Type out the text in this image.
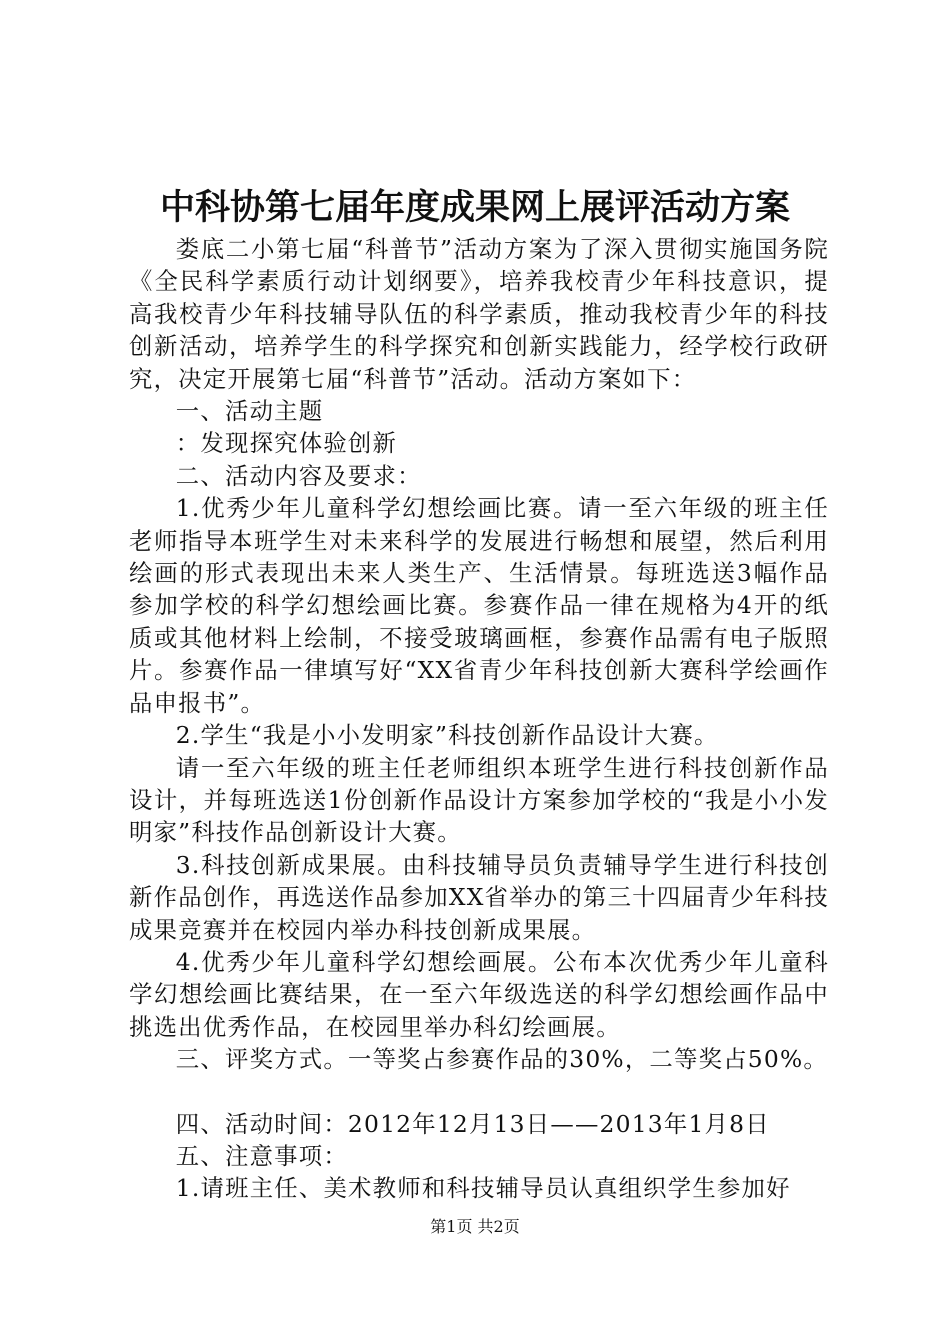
中科协第七届年度成果网上展评活动方案

娄底二小第七届“科普节”活动方案为了深入贯彻实施国务院《全民科学素质行动计划纲要》，培养我校青少年科技意识，提高我校青少年科技辅导队伍的科学素质，推动我校青少年的科技创新活动，培养学生的科学探究和创新实践能力，经学校行政研究，决定开展第七届“科普节”活动。活动方案如下：

一、活动主题

：发现探究体验创新

二、活动内容及要求：

1.优秀少年儿童科学幻想绘画比赛。请一至六年级的班主任老师指导本班学生对未来科学的发展进行畅想和展望，然后利用绘画的形式表现出未来人类生产、生活情景。每班选送3幅作品参加学校的科学幻想绘画比赛。参赛作品一律在规格为4开的纸质或其他材料上绘制，不接受玻璃画框，参赛作品需有电子版照片。参赛作品一律填写好“XX省青少年科技创新大赛科学绘画作品申报书”。

2.学生“我是小小发明家”科技创新作品设计大赛。

请一至六年级的班主任老师组织本班学生进行科技创新作品设计，并每班选送1份创新作品设计方案参加学校的“我是小小发明家”科技作品创新设计大赛。

3.科技创新成果展。由科技辅导员负责辅导学生进行科技创新作品创作，再选送作品参加XX省举办的第三十四届青少年科技成果竞赛并在校园内举办科技创新成果展。

4.优秀少年儿童科学幻想绘画展。公布本次优秀少年儿童科学幻想绘画比赛结果，在一至六年级选送的科学幻想绘画作品中挑选出优秀作品，在校园里举办科幻绘画展。

三、评奖方式。一等奖占参赛作品的30%，二等奖占50%。

四、活动时间：2012年12月13日——2013年1月8日

五、注意事项：

1.请班主任、美术教师和科技辅导员认真组织学生参加好

第1页 共2页
